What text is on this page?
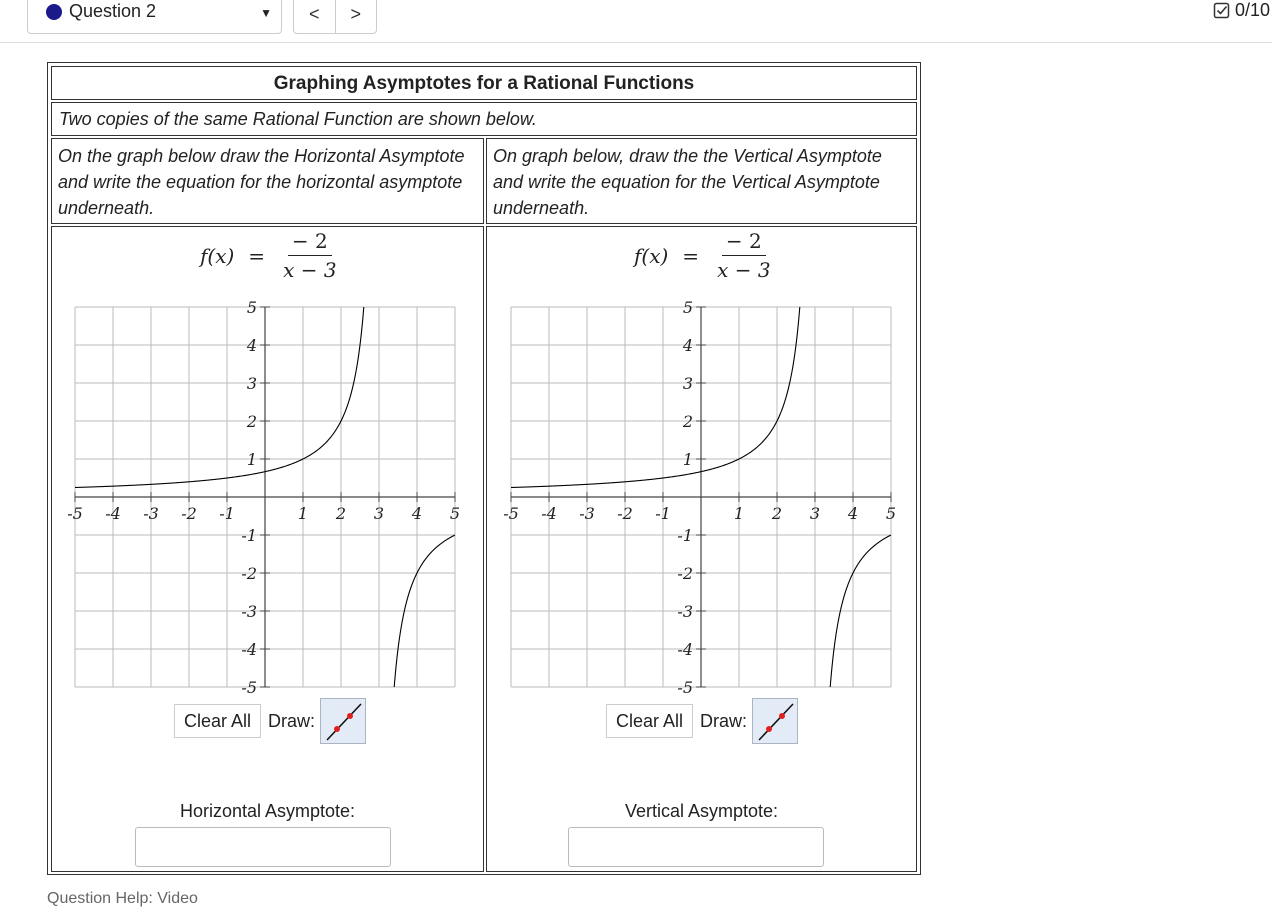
Question 2	▼	<	>	0/10
Graphing Asymptotes for a Rational Functions
Two copies of the same Rational Function are shown below.
On the graph below draw the Horizontal Asymptote and write the equation for the horizontal asymptote underneath.
On graph below, draw the the Vertical Asymptote and write the equation for the Vertical Asymptote underneath.
$f(x) = \frac{- 2}{x - 3}$
-5 -4 -3 -2 -1	1 2 3 4 5
5
4
3
2
1
-1
-2
-3
-4
-5
Clear All Draw:
Horizontal Asymptote:
$f(x) = \frac{- 2}{x - 3}$
-5 -4 -3 -2 -1	1 2 3 4 5
5
4
3
2
1
-1
-2
-3
-4
-5
Clear All Draw:
Vertical Asymptote:
Question Help: Video
